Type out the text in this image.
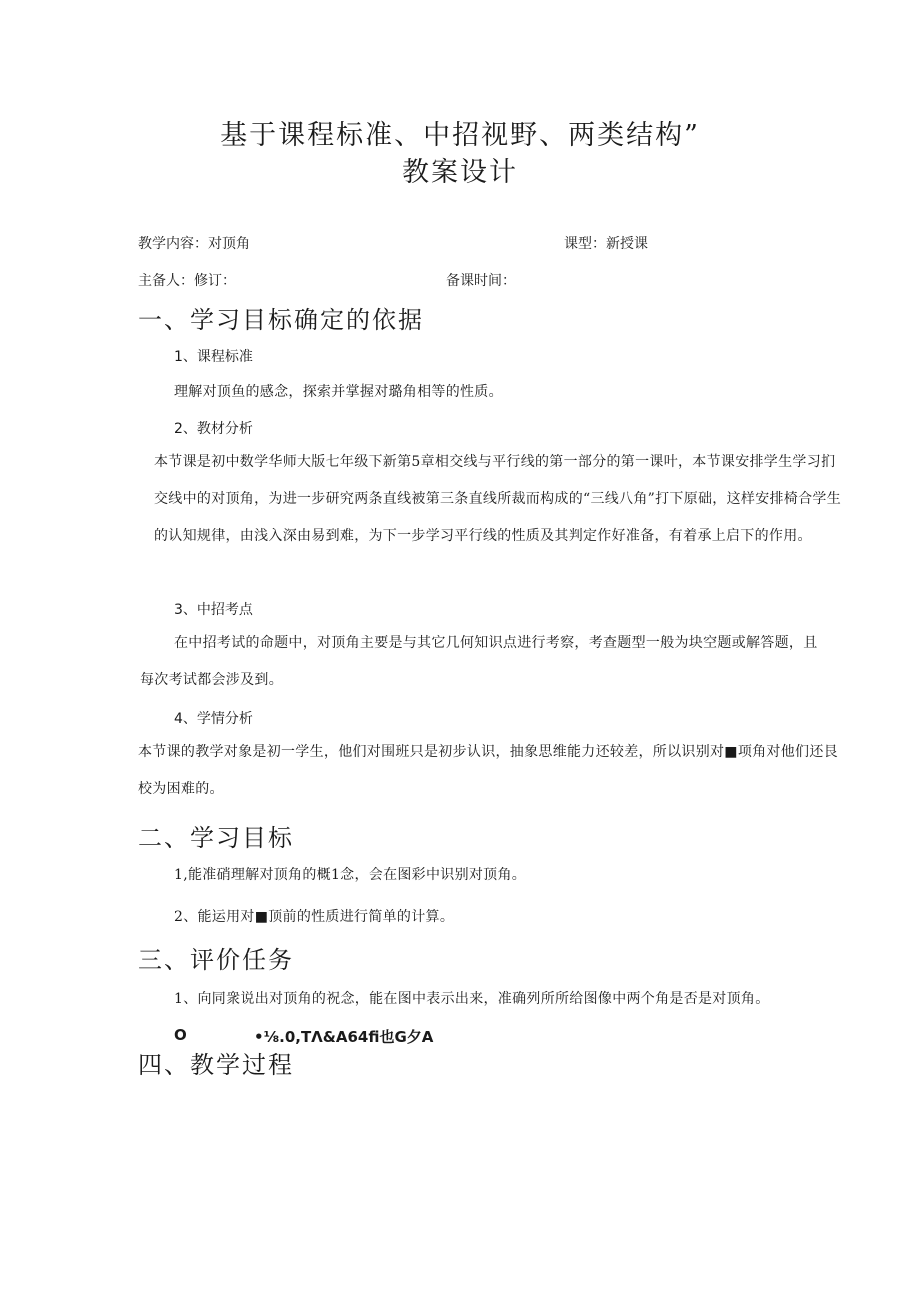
基于课程标准、中招视野、两类结构”
教案设计
教学内容：对顶角	课型：新授课
主备人：修订：	备课时间：
一、学习目标确定的依据
1、课程标准
理解对顶鱼的感念，探索并掌握对璐角相等的性质。
2、教材分析
本节课是初中数学华师大版七年级下新第5章相交线与平行线的第一部分的第一课叶，本节课安排学生学习扪交线中的对顶角，为进一步研究两条直线被第三条直线所裁而构成的“三线八角”打下原础，这样安排椅合学生的认知规律，由浅入深由易到难，为下一步学习平行线的性质及其判定作好准备，有着承上启下的作用。
3、中招考点
在中招考试的命题中，对顶角主要是与其它几何知识点进行考察，考查题型一般为块空题或解答题，且每次考试都会涉及到。
4、学情分析
本节课的教学对象是初一学生，他们对围班只是初步认识，抽象思维能力还较差，所以识别对■项角对他们还艮校为困难的。
二、学习目标
1,能准硝理解对顶角的概1念，会在图彩中识别对顶角。
2、能运用对■顶前的性质进行简单的计算。
三、评价任务
1、向同衆说出对顶角的祝念，能在图中表示出来，准确列所所给图像中两个角是否是对顶角。
O	•⅛.0,TΛ&A64fi也G夕A
四、教学过程
